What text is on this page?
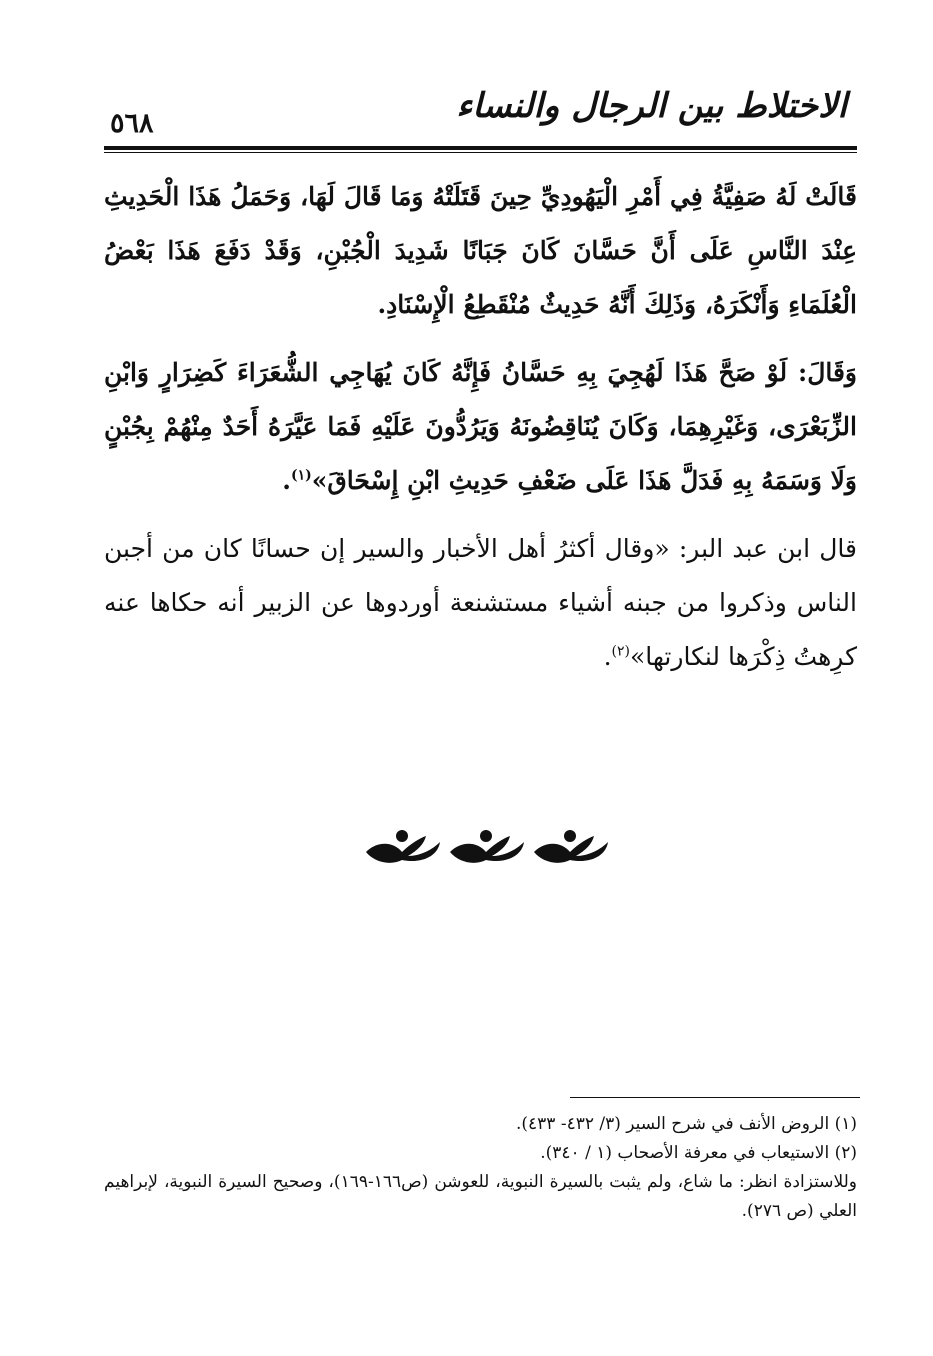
٥٦٨	الاختلاط بين الرجال والنساء

قَالَتْ لَهُ صَفِيَّةُ فِي أَمْرِ الْيَهُودِيِّ حِينَ قَتَلَتْهُ وَمَا قَالَ لَهَا، وَحَمَلُ هَذَا الْحَدِيثِ عِنْدَ النَّاسِ عَلَى أَنَّ حَسَّانَ كَانَ جَبَانًا شَدِيدَ الْجُبْنِ، وَقَدْ دَفَعَ هَذَا بَعْضُ الْعُلَمَاءِ وَأَنْكَرَهُ، وَذَلِكَ أَنَّهُ حَدِيثٌ مُنْقَطِعُ الْإِسْنَادِ.

وَقَالَ: لَوْ صَحَّ هَذَا لَهُجِيَ بِهِ حَسَّانُ فَإِنَّهُ كَانَ يُهَاجِي الشُّعَرَاءَ كَضِرَارٍ وَابْنِ الزِّبَعْرَى، وَغَيْرِهِمَا، وَكَانَ يُنَاقِضُونَهُ وَيَرُدُّونَ عَلَيْهِ فَمَا عَيَّرَهُ أَحَدٌ مِنْهُمْ بِجُبْنٍ وَلَا وَسَمَهُ بِهِ فَدَلَّ هَذَا عَلَى ضَعْفِ حَدِيثِ ابْنِ إِسْحَاقَ»$^{(١)}$.

قال ابن عبد البر: «وقال أكثرُ أهل الأخبار والسير إن حسانًا كان من أجبن الناس وذكروا من جبنه أشياء مستشنعة أوردوها عن الزبير أنه حكاها عنه كرِهتُ ذِكْرَها لنكارتها»$^{(٢)}$.

(١) الروض الأنف في شرح السير (٣/ ٤٣٢- ٤٣٣).

(٢) الاستيعاب في معرفة الأصحاب (١ / ٣٤٠).

وللاستزادة انظر: ما شاع، ولم يثبت بالسيرة النبوية، للعوشن (ص١٦٦-١٦٩)، وصحيح السيرة النبوية، لإبراهيم العلي (ص ٢٧٦).
